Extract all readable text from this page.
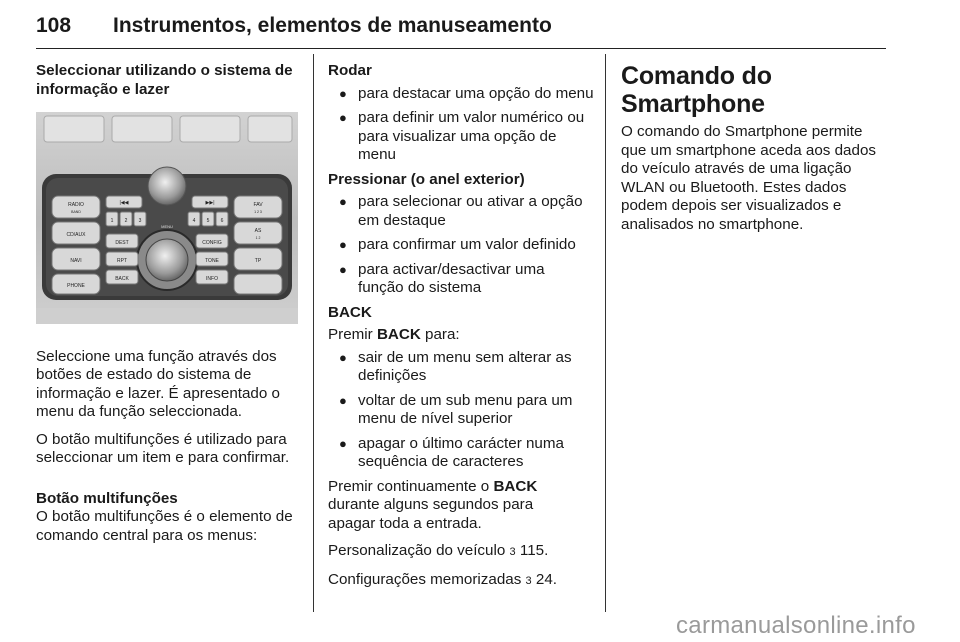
108 Instrumentos, elementos de manuseamento

Seleccionar utilizando o sistema de informação e lazer

RADIO
BAND
CD/AUX
NAVI
PHONE
FAV
1 2 3
AS
1 2
TP
DEST
RPT
BACK
CONFIG
TONE
INFO
1 2 3	4 5 6
|◀◀	▶▶|
MENU

Seleccione uma função através dos botões de estado do sistema de informação e lazer. É apresentado o menu da função seleccionada.

O botão multifunções é utilizado para seleccionar um item e para confirmar.

Botão multifunções

O botão multifunções é o elemento de comando central para os menus:

Rodar

● para destacar uma opção do menu
● para definir um valor numérico ou para visualizar uma opção de menu

Pressionar (o anel exterior)

● para selecionar ou ativar a opção em destaque
● para confirmar um valor definido
● para activar/desactivar uma função do sistema

BACK

Premir BACK para:

● sair de um menu sem alterar as definições
● voltar de um sub menu para um menu de nível superior
● apagar o último carácter numa sequência de caracteres

Premir continuamente o BACK durante alguns segundos para apagar toda a entrada.

Personalização do veículo 3 115.

Configurações memorizadas 3 24.

Comando do Smartphone

O comando do Smartphone permite que um smartphone aceda aos dados do veículo através de uma ligação WLAN ou Bluetooth. Estes dados podem depois ser visualizados e analisados no smartphone.

carmanualsonline.info
